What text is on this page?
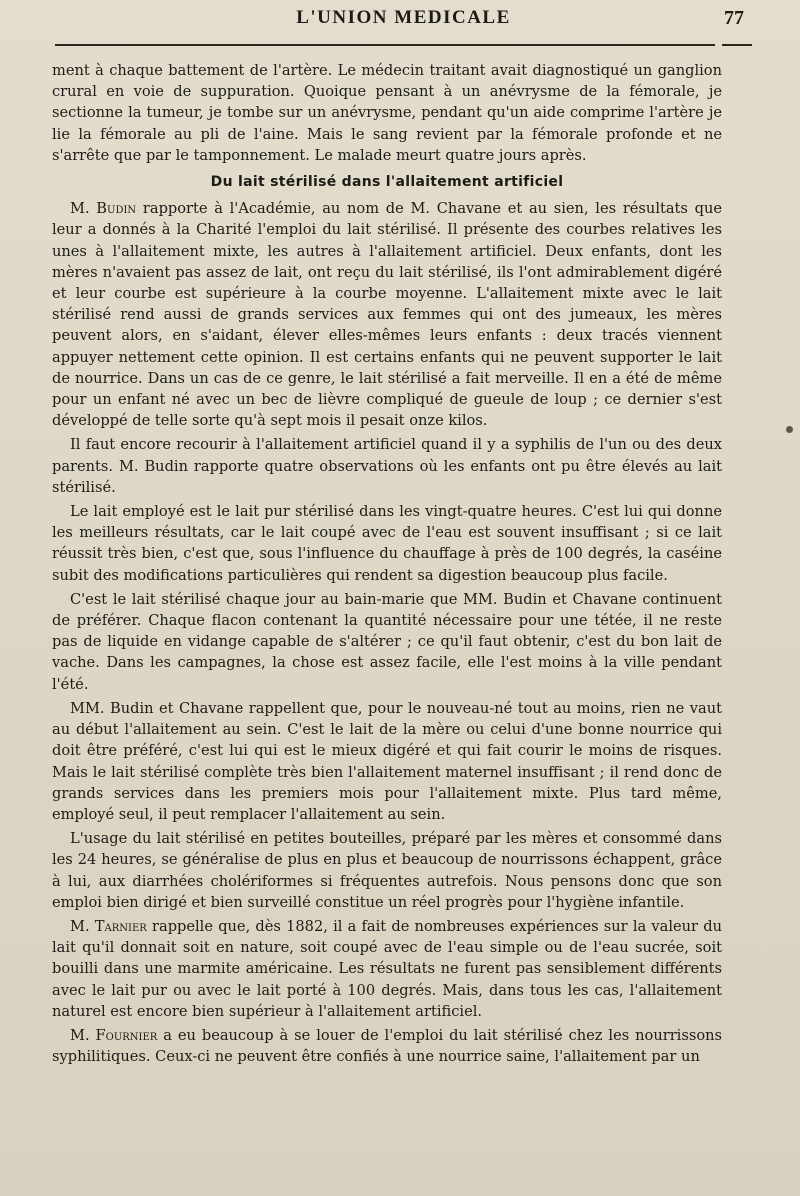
L'UNION MEDICALE	77

ment à chaque battement de l'artère. Le médecin traitant avait diagnostiqué un ganglion crural en voie de suppuration. Quoique pensant à un anévrysme de la fémorale, je sectionne la tumeur, je tombe sur un anévrysme, pendant qu'un aide comprime l'artère je lie la fémorale au pli de l'aine. Mais le sang revient par la fémorale profonde et ne s'arrête que par le tamponnement. Le malade meurt quatre jours après.

Du lait stérilisé dans l'allaitement artificiel

M. Budin rapporte à l'Académie, au nom de M. Chavane et au sien, les résultats que leur a donnés à la Charité l'emploi du lait stérilisé. Il présente des courbes relatives les unes à l'allaitement mixte, les autres à l'allaitement artificiel. Deux enfants, dont les mères n'avaient pas assez de lait, ont reçu du lait stérilisé, ils l'ont admirablement digéré et leur courbe est supérieure à la courbe moyenne. L'allaitement mixte avec le lait stérilisé rend aussi de grands services aux femmes qui ont des jumeaux, les mères peuvent alors, en s'aidant, élever elles-mêmes leurs enfants : deux tracés viennent appuyer nettement cette opinion. Il est certains enfants qui ne peuvent supporter le lait de nourrice. Dans un cas de ce genre, le lait stérilisé a fait merveille. Il en a été de même pour un enfant né avec un bec de lièvre compliqué de gueule de loup ; ce dernier s'est développé de telle sorte qu'à sept mois il pesait onze kilos.

Il faut encore recourir à l'allaitement artificiel quand il y a syphilis de l'un ou des deux parents. M. Budin rapporte quatre observations où les enfants ont pu être élevés au lait stérilisé.

Le lait employé est le lait pur stérilisé dans les vingt-quatre heures. C'est lui qui donne les meilleurs résultats, car le lait coupé avec de l'eau est souvent insuffisant ; si ce lait réussit très bien, c'est que, sous l'influence du chauffage à près de 100 degrés, la caséine subit des modifications particulières qui rendent sa digestion beaucoup plus facile.

C'est le lait stérilisé chaque jour au bain-marie que MM. Budin et Chavane continuent de préférer. Chaque flacon contenant la quantité nécessaire pour une tétée, il ne reste pas de liquide en vidange capable de s'altérer ; ce qu'il faut obtenir, c'est du bon lait de vache. Dans les campagnes, la chose est assez facile, elle l'est moins à la ville pendant l'été.

MM. Budin et Chavane rappellent que, pour le nouveau-né tout au moins, rien ne vaut au début l'allaitement au sein. C'est le lait de la mère ou celui d'une bonne nourrice qui doit être préféré, c'est lui qui est le mieux digéré et qui fait courir le moins de risques. Mais le lait stérilisé complète très bien l'allaitement maternel insuffisant ; il rend donc de grands services dans les premiers mois pour l'allaitement mixte. Plus tard même, employé seul, il peut remplacer l'allaitement au sein.

L'usage du lait stérilisé en petites bouteilles, préparé par les mères et consommé dans les 24 heures, se généralise de plus en plus et beaucoup de nourrissons échappent, grâce à lui, aux diarrhées cholériformes si fréquentes autrefois. Nous pensons donc que son emploi bien dirigé et bien surveillé constitue un réel progrès pour l'hygiène infantile.

M. Tarnier rappelle que, dès 1882, il a fait de nombreuses expériences sur la valeur du lait qu'il donnait soit en nature, soit coupé avec de l'eau simple ou de l'eau sucrée, soit bouilli dans une marmite américaine. Les résultats ne furent pas sensiblement différents avec le lait pur ou avec le lait porté à 100 degrés. Mais, dans tous les cas, l'allaitement naturel est encore bien supérieur à l'allaitement artificiel.

M. Fournier a eu beaucoup à se louer de l'emploi du lait stérilisé chez les nourrissons syphilitiques. Ceux-ci ne peuvent être confiés à une nourrice saine, l'allaitement par un
